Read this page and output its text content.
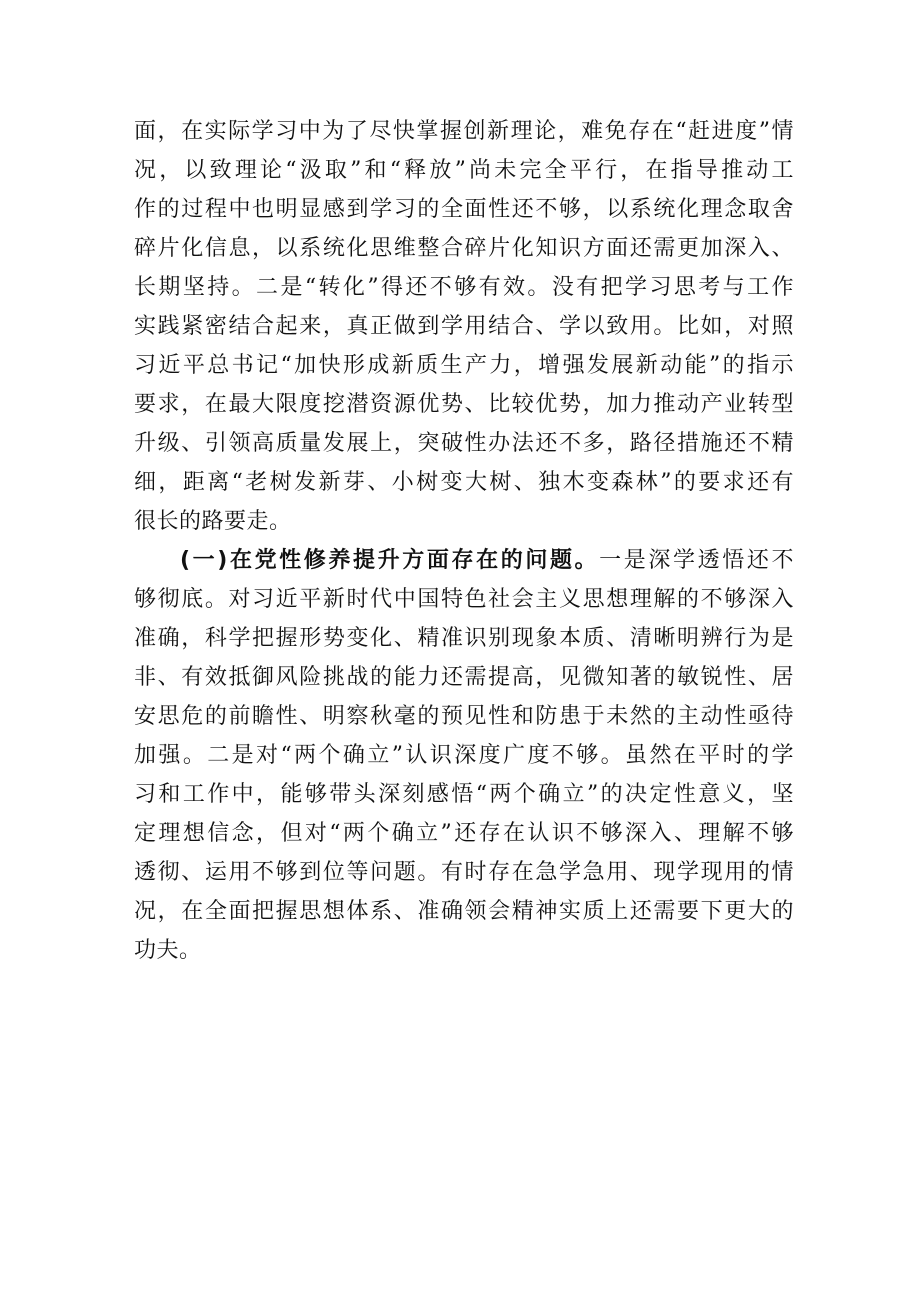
面，在实际学习中为了尽快掌握创新理论，难免存在“赶进度”情
况，以致理论“汲取”和“释放”尚未完全平行，在指导推动工
作的过程中也明显感到学习的全面性还不够，以系统化理念取舍
碎片化信息，以系统化思维整合碎片化知识方面还需更加深入、
长期坚持。二是“转化”得还不够有效。没有把学习思考与工作
实践紧密结合起来，真正做到学用结合、学以致用。比如，对照
习近平总书记“加快形成新质生产力，增强发展新动能”的指示
要求，在最大限度挖潜资源优势、比较优势，加力推动产业转型
升级、引领高质量发展上，突破性办法还不多，路径措施还不精
细，距离“老树发新芽、小树变大树、独木变森林”的要求还有
很长的路要走。
(一)在党性修养提升方面存在的问题。一是深学透悟还不
够彻底。对习近平新时代中国特色社会主义思想理解的不够深入
准确，科学把握形势变化、精准识别现象本质、清晰明辨行为是
非、有效抵御风险挑战的能力还需提高，见微知著的敏锐性、居
安思危的前瞻性、明察秋毫的预见性和防患于未然的主动性亟待
加强。二是对“两个确立”认识深度广度不够。虽然在平时的学
习和工作中，能够带头深刻感悟“两个确立”的决定性意义，坚
定理想信念，但对“两个确立”还存在认识不够深入、理解不够
透彻、运用不够到位等问题。有时存在急学急用、现学现用的情
况，在全面把握思想体系、准确领会精神实质上还需要下更大的
功夫。
